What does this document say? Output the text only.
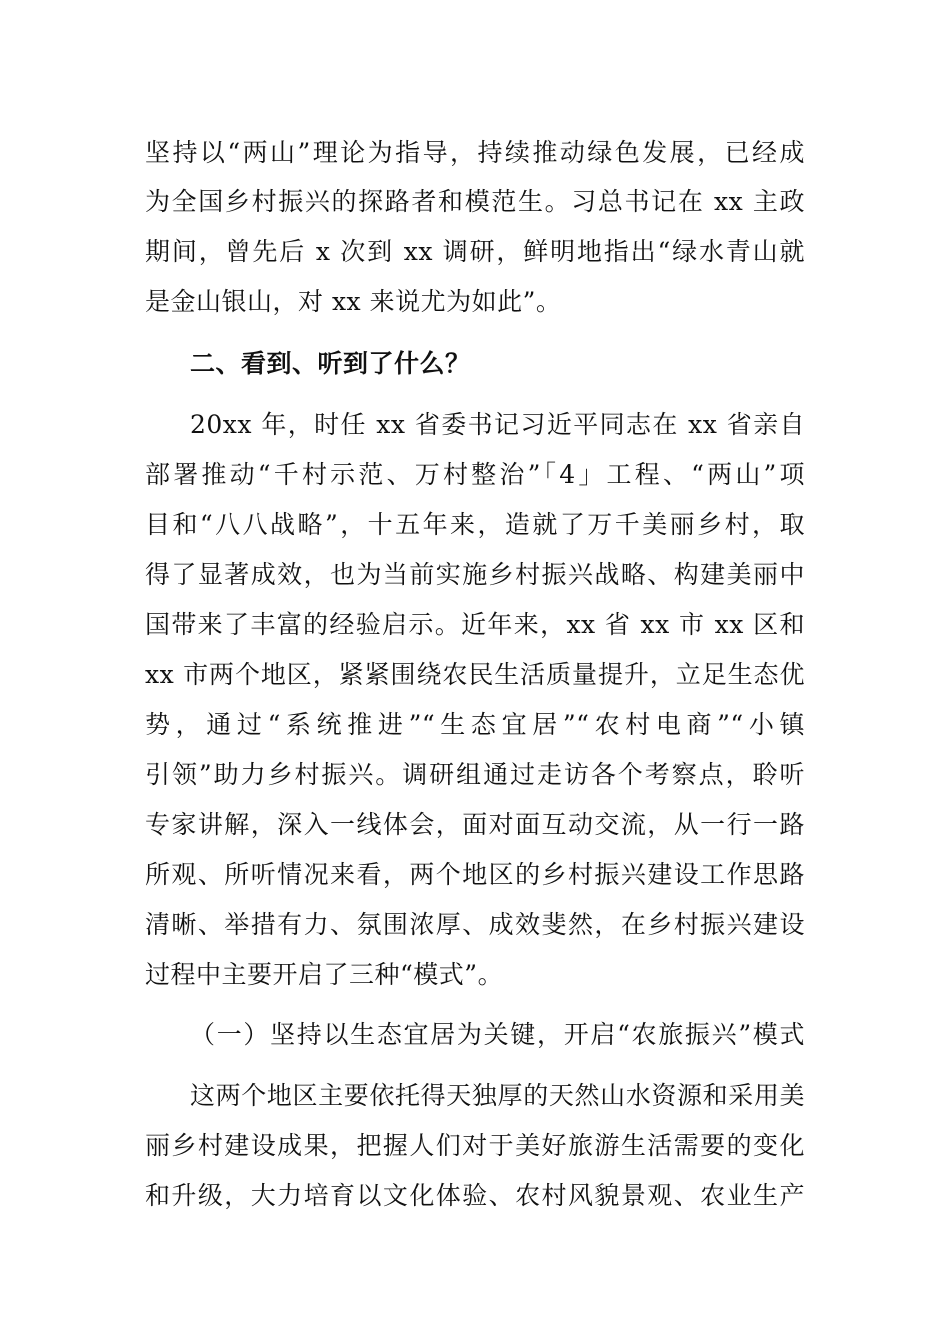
坚持以“两山”理论为指导，持续推动绿色发展，已经成
为全国乡村振兴的探路者和模范生。习总书记在 xx 主政
期间，曾先后 x 次到 xx 调研，鲜明地指出“绿水青山就
是金山银山，对 xx 来说尤为如此”。
二、看到、听到了什么？
20xx 年，时任 xx 省委书记习近平同志在 xx 省亲自
部署推动“千村示范、万村整治”「4」工程、“两山”项
目和“八八战略”，十五年来，造就了万千美丽乡村，取
得了显著成效，也为当前实施乡村振兴战略、构建美丽中
国带来了丰富的经验启示。近年来，xx 省 xx 市 xx 区和
xx 市两个地区，紧紧围绕农民生活质量提升，立足生态优
势，通过“系统推进”“生态宜居”“农村电商”“小镇
引领”助力乡村振兴。调研组通过走访各个考察点，聆听
专家讲解，深入一线体会，面对面互动交流，从一行一路
所观、所听情况来看，两个地区的乡村振兴建设工作思路
清晰、举措有力、氛围浓厚、成效斐然，在乡村振兴建设
过程中主要开启了三种“模式”。
（一）坚持以生态宜居为关键，开启“农旅振兴”模式
这两个地区主要依托得天独厚的天然山水资源和采用美
丽乡村建设成果，把握人们对于美好旅游生活需要的变化
和升级，大力培育以文化体验、农村风貌景观、农业生产
